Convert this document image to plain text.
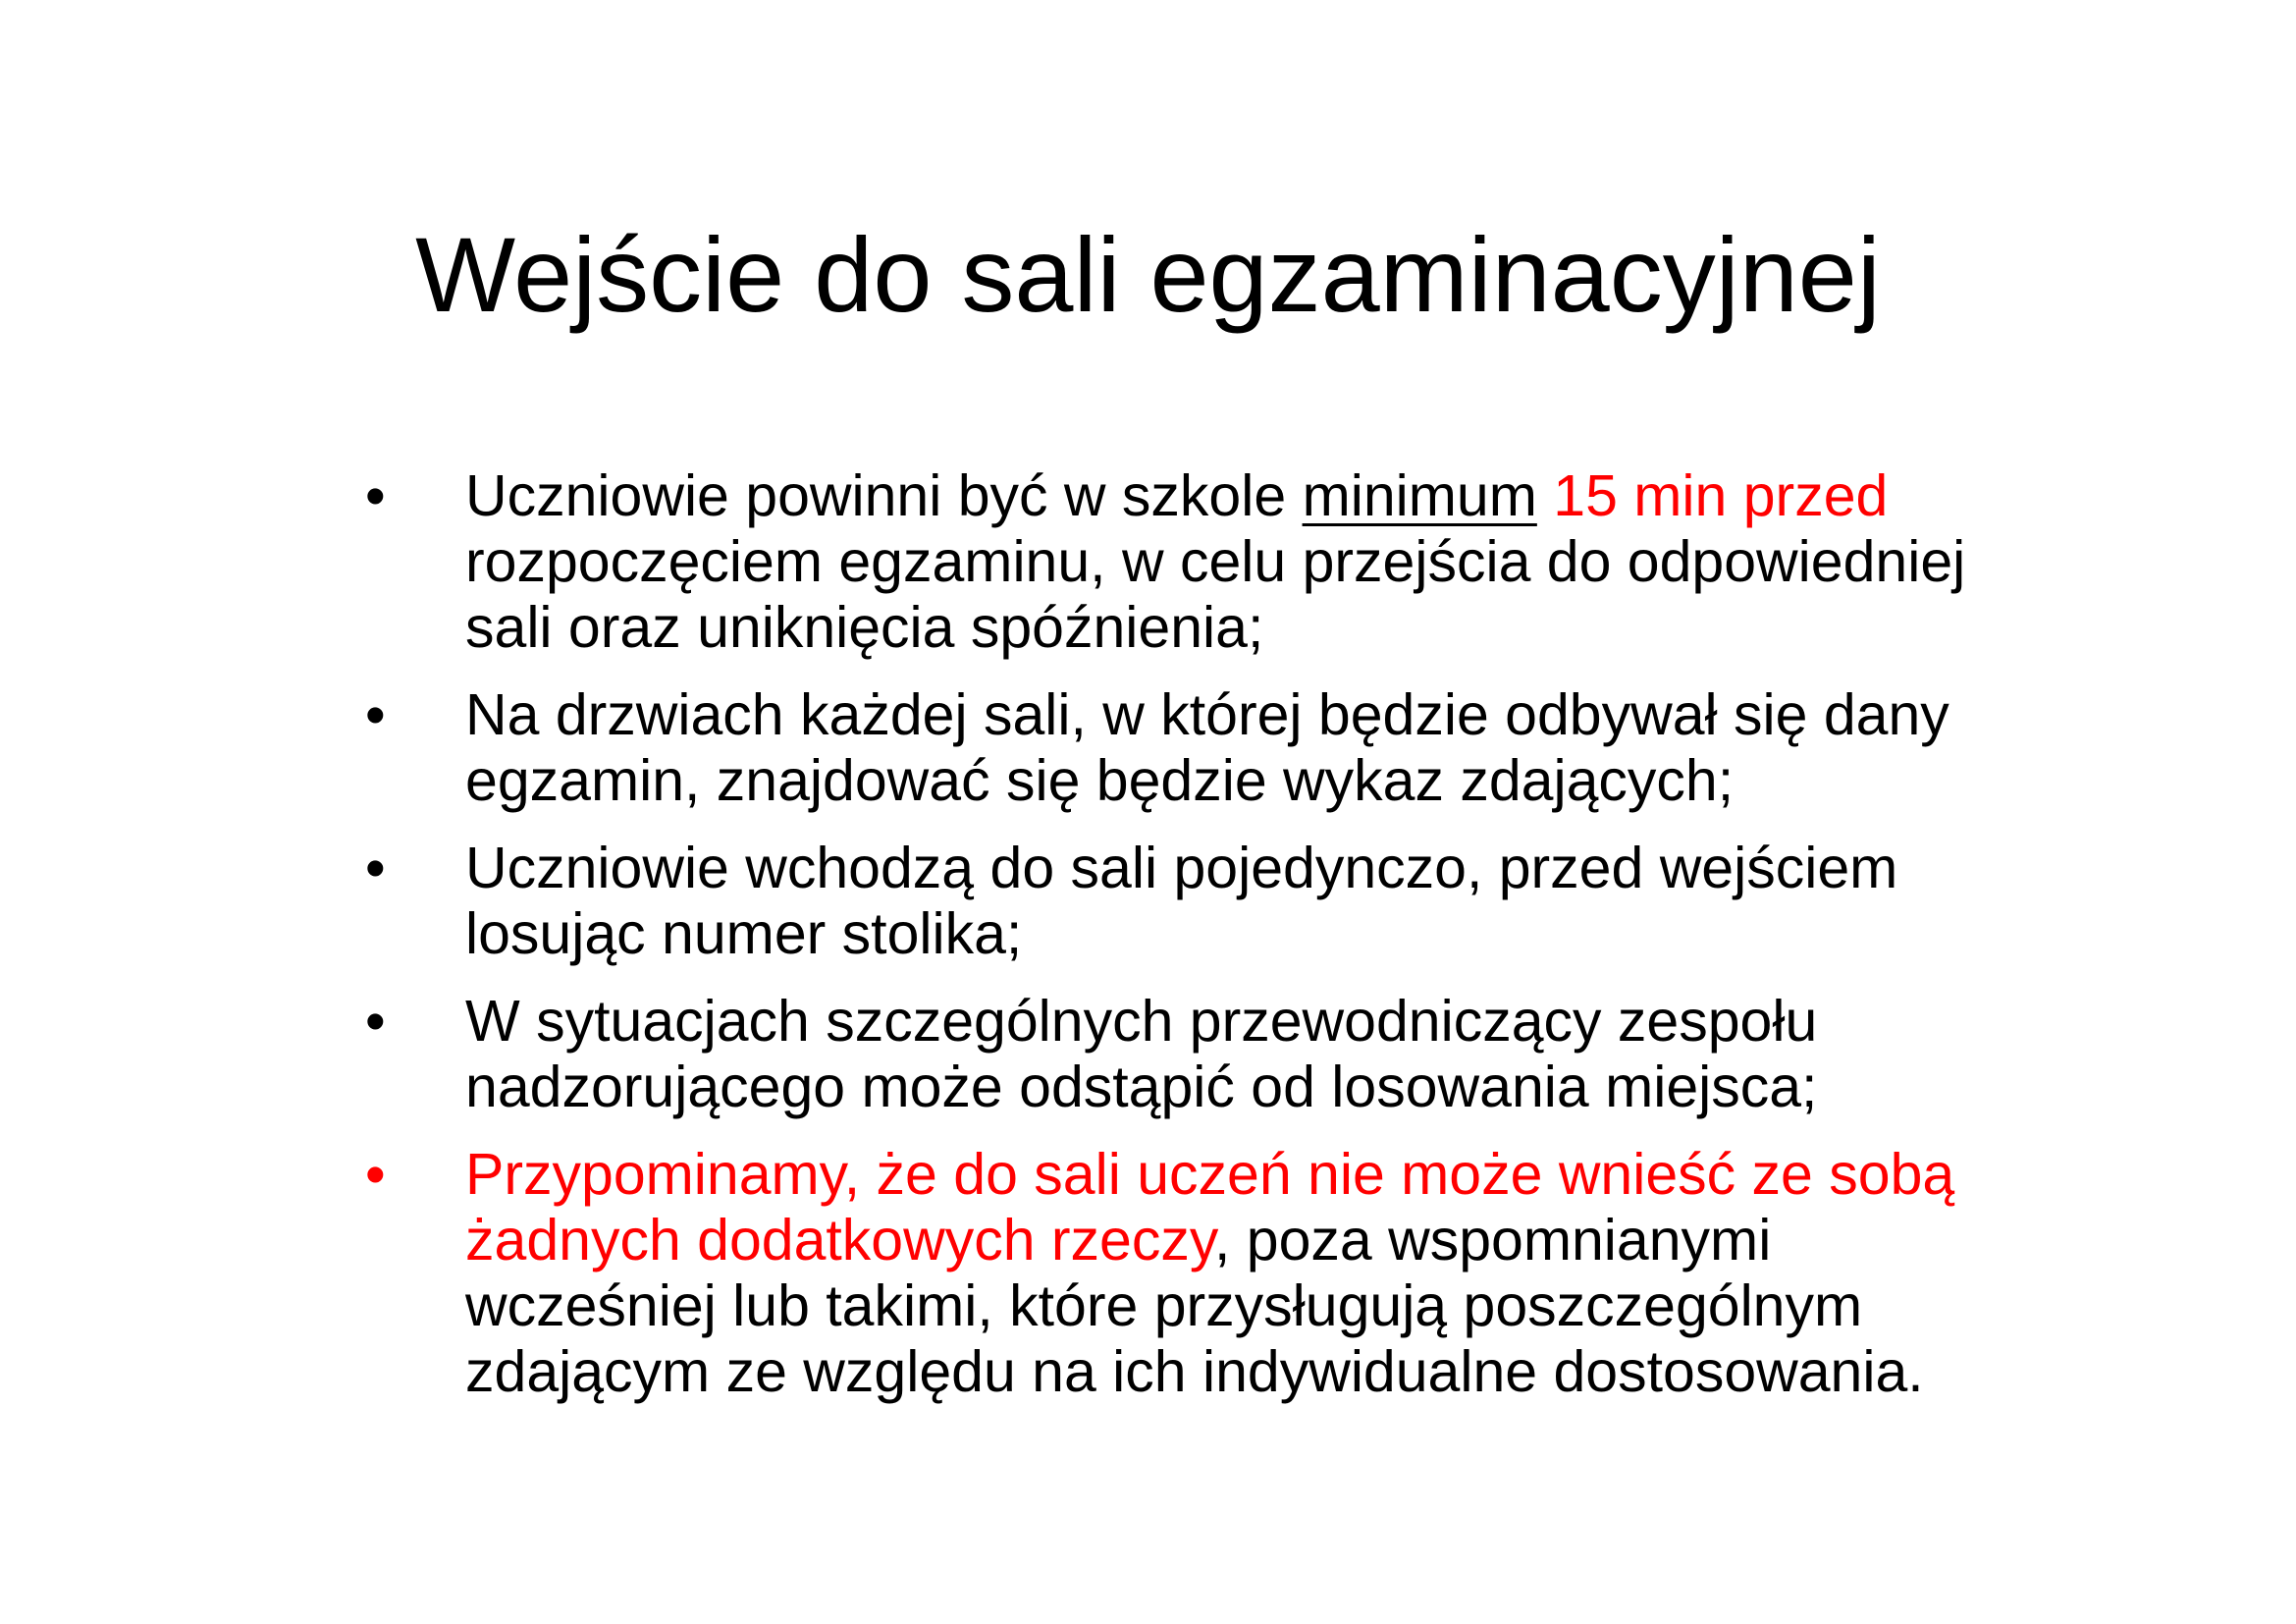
Wejście do sali egzaminacyjnej
•	Uczniowie powinni być w szkole minimum 15 min przed rozpoczęciem egzaminu, w celu przejścia do odpowiedniej sali oraz uniknięcia spóźnienia;
•	Na drzwiach każdej sali, w której będzie odbywał się dany egzamin, znajdować się będzie wykaz zdających;
•	Uczniowie wchodzą do sali pojedynczo, przed wejściem losując numer stolika;
•	W sytuacjach szczególnych przewodniczący zespołu nadzorującego może odstąpić od losowania miejsca;
•	Przypominamy, że do sali uczeń nie może wnieść ze sobą żadnych dodatkowych rzeczy, poza wspomnianymi wcześniej lub takimi, które przysługują poszczególnym zdającym ze względu na ich indywidualne dostosowania.
